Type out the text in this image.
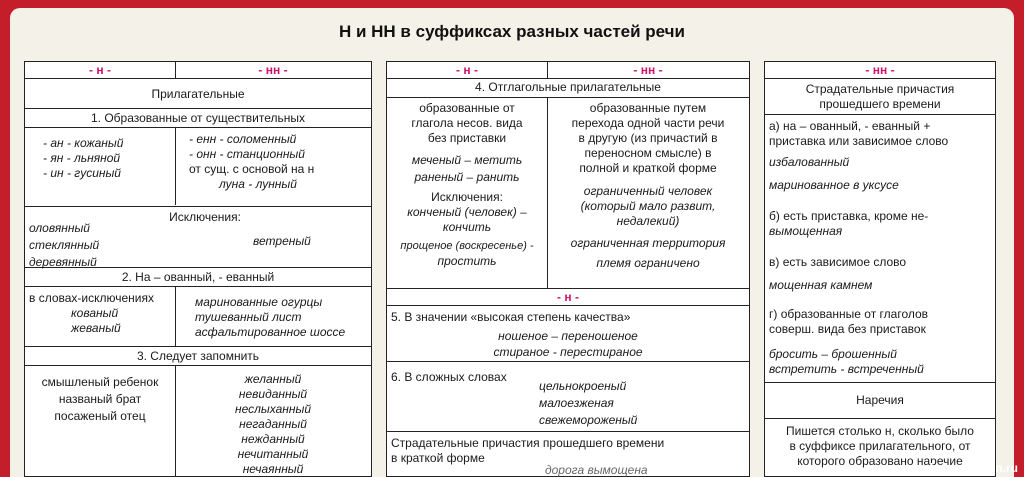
Н и НН в суффиксах разных частей речи
- н -	- нн -
Прилагательные
1. Образованные от существительных
- ан - кожаный
- ян - льняной
- ин - гусиный
- енн - соломенный
- онн - станционный
от сущ. с основой на н
луна - лунный
Исключения:
оловянный
стеклянный
деревянный
ветреный
2. На – ованный, - еванный
в словах-исключениях
кованый
жеваный
маринованные огурцы
тушеванный лист
асфальтированное шоссе
3. Следует запомнить
смышленый ребенок
названый брат
посаженый отец
желанный
невиданный
неслыханный
негаданный
нежданный
нечитанный
нечаянный
- н -	- нн -
4. Отглагольные прилагательные
образованные от
глагола несов. вида
без приставки
меченый – метить
раненый – ранить
Исключения:
конченый (человек) –
кончить
прощеное (воскресенье) -
простить
образованные путем
перехода одной части речи
в другую (из причастий в
переносном смысле) в
полной и краткой форме
ограниченный человек
(который мало развит,
недалекий)
ограниченная территория
племя ограничено
- н -
5. В значении «высокая степень качества»
ношеное – переношеное
стираное - перестираное
6. В сложных словах
цельнокроеный
малоезженая
свежемороженый
Страдательные причастия прошедшего времени
в краткой форме
дорога вымощена
- нн -
Страдательные причастия
прошедшего времени
а) на – ованный, - еванный +
приставка или зависимое слово
избалованный
маринованное в уксусе
б) есть приставка, кроме не-
вымощенная
в) есть зависимое слово
мощенная камнем
г) образованные от глаголов
соверш. вида без приставок
бросить – брошенный
встретить - встреченный
Наречия
Пишется столько н, сколько было
в суффиксе прилагательного, от
которого образовано наречие
slovesnik.3dn.ru
